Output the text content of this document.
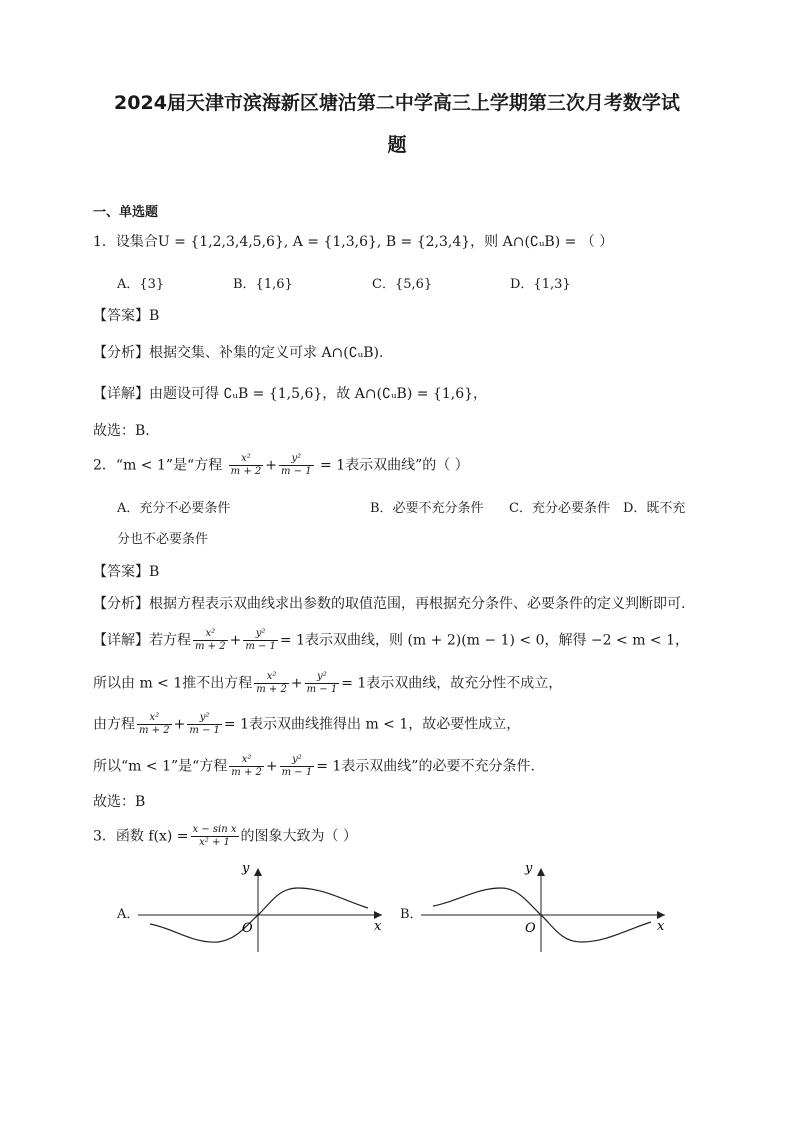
2024届天津市滨海新区塘沽第二中学高三上学期第三次月考数学试
题
一、单选题
1．设集合U = {1,2,3,4,5,6}, A = {1,3,6}, B = {2,3,4}，则 A∩(∁ᵤB) = （ ）
A．{3}	B．{1,6}	C．{5,6}	D．{1,3}
【答案】B
【分析】根据交集、补集的定义可求 A∩(∁ᵤB).
【详解】由题设可得 ∁ᵤB = {1,5,6}，故 A∩(∁ᵤB) = {1,6}，
故选：B.
2．“m < 1”是“方程 $\frac{\text{x²}}{m + 2} + \frac{\text{y²}}{m - 1} = 1$表示双曲线”的（ ）
A．充分不必要条件	B．必要不充分条件 C．充分必要条件 D．既不充
分也不必要条件
【答案】B
【分析】根据方程表示双曲线求出参数的取值范围，再根据充分条件、必要条件的定义判断即可.
【详解】若方程 $\frac{\text{x²}}{m + 2} + \frac{\text{y²}}{m - 1} = 1$表示双曲线，则 (m + 2)(m − 1) < 0，解得 −2 < m < 1，
所以由 m < 1推不出方程 $\frac{\text{x²}}{m + 2} + \frac{\text{y²}}{m - 1} = 1$表示双曲线，故充分性不成立，
由方程 $\frac{\text{x²}}{m + 2} + \frac{\text{y²}}{m - 1} = 1$表示双曲线推得出 m < 1，故必要性成立，
所以“m < 1”是“方程 $\frac{\text{x²}}{m + 2} + \frac{\text{y²}}{m - 1} = 1$表示双曲线”的必要不充分条件.
故选：B
3．函数 $f(x) = \frac{\text{x − sin x}}{\text{x² + 1}}$ 的图象大致为（ ）
A．
y
x
O
B．
y
x
O
